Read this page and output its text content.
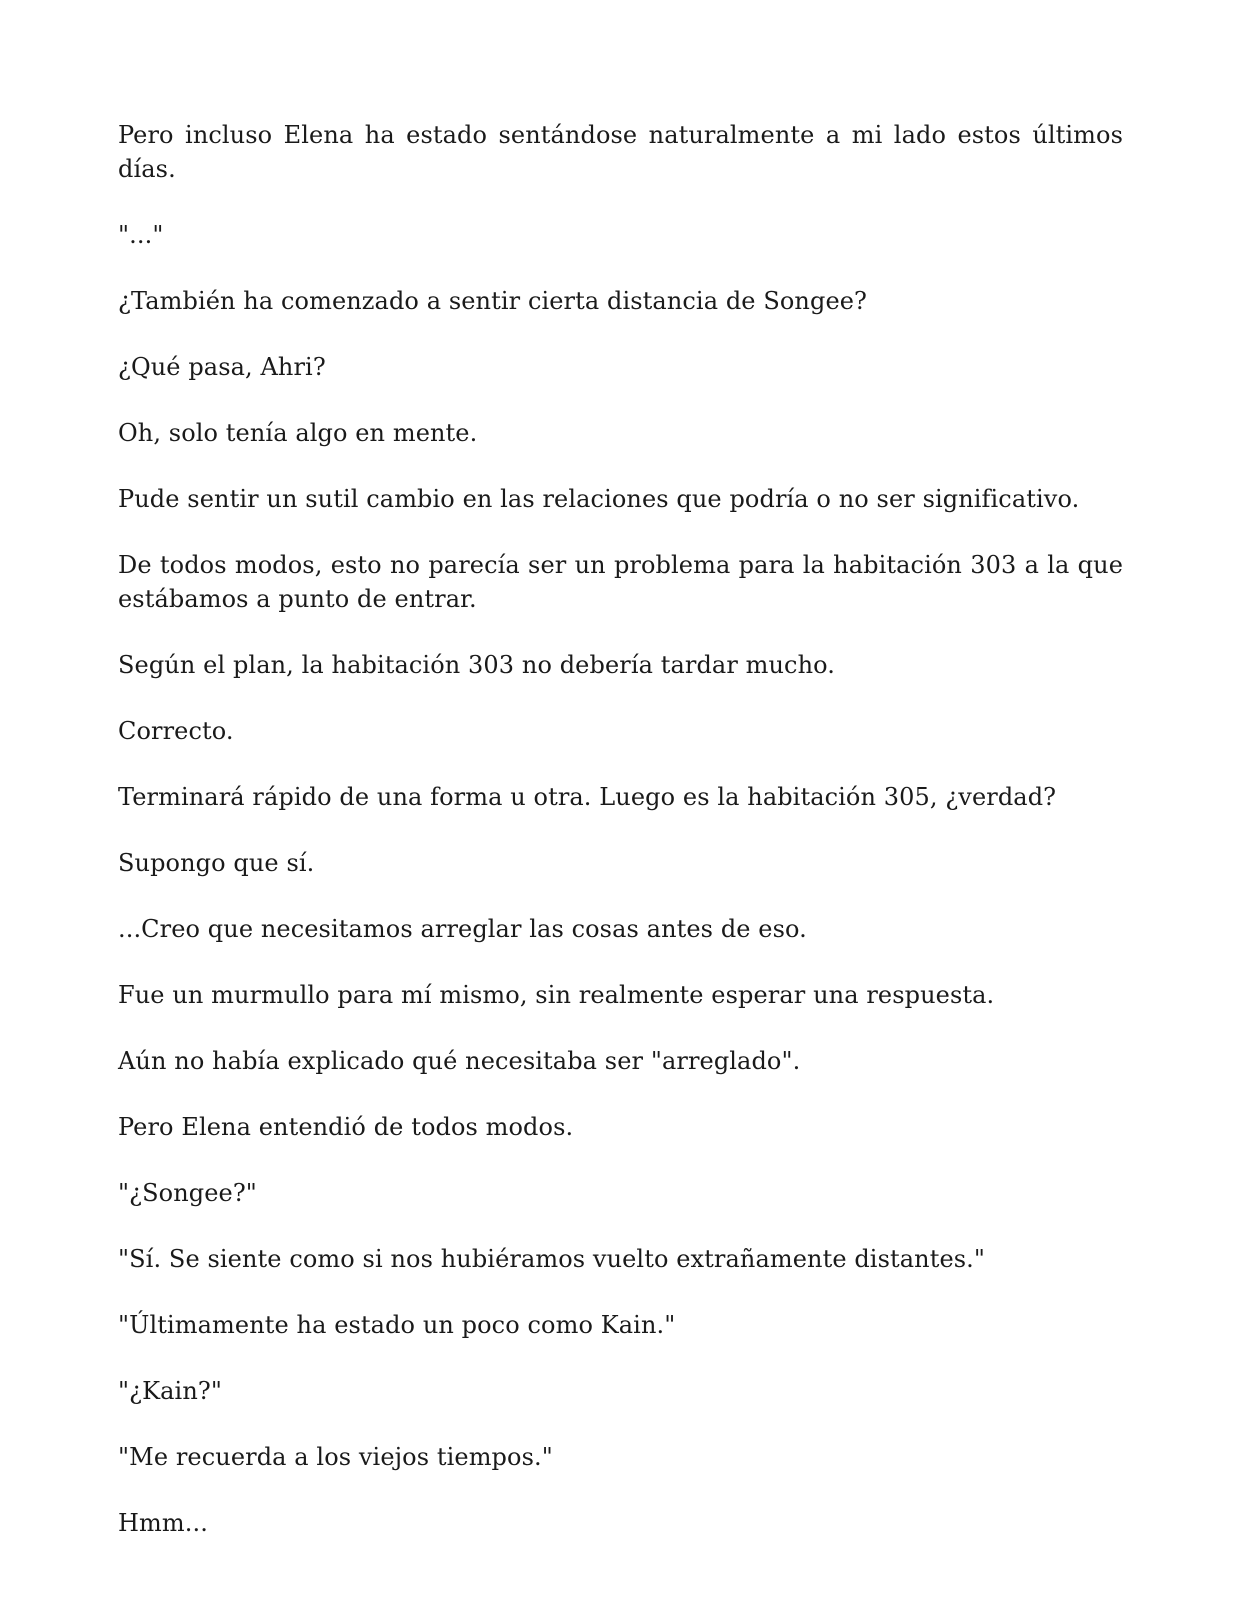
Pero incluso Elena ha estado sentándose naturalmente a mi lado estos últimos días.

"..."

¿También ha comenzado a sentir cierta distancia de Songee?

¿Qué pasa, Ahri?

Oh, solo tenía algo en mente.

Pude sentir un sutil cambio en las relaciones que podría o no ser significativo.

De todos modos, esto no parecía ser un problema para la habitación 303 a la que estábamos a punto de entrar.

Según el plan, la habitación 303 no debería tardar mucho.

Correcto.

Terminará rápido de una forma u otra. Luego es la habitación 305, ¿verdad?

Supongo que sí.

...Creo que necesitamos arreglar las cosas antes de eso.

Fue un murmullo para mí mismo, sin realmente esperar una respuesta.

Aún no había explicado qué necesitaba ser "arreglado".

Pero Elena entendió de todos modos.

"¿Songee?"

"Sí. Se siente como si nos hubiéramos vuelto extrañamente distantes."

"Últimamente ha estado un poco como Kain."

"¿Kain?"

"Me recuerda a los viejos tiempos."

Hmm...
